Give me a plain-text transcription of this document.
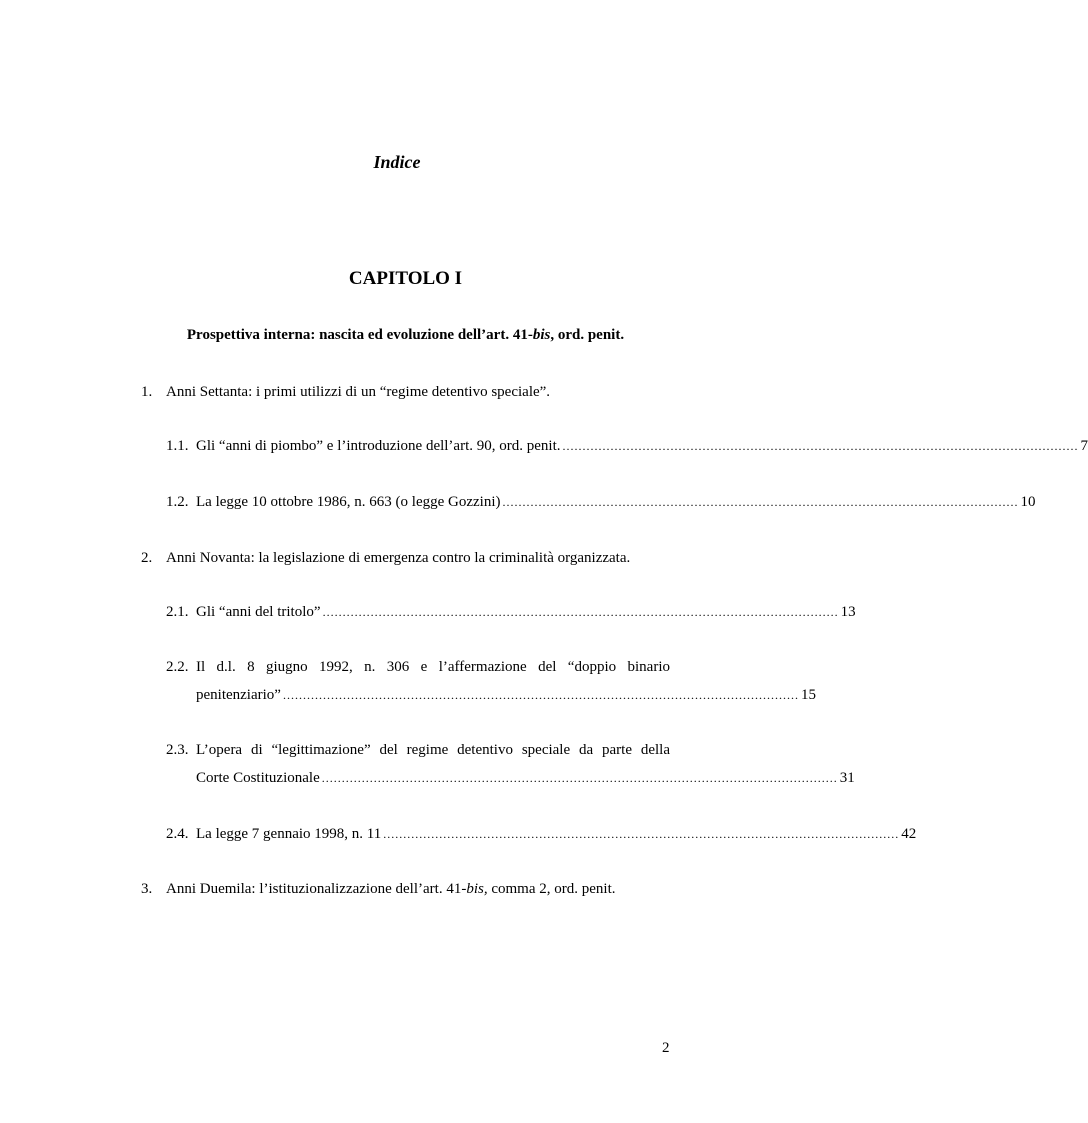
Indice
CAPITOLO I
Prospettiva interna: nascita ed evoluzione dell’art. 41-bis, ord. penit.
1. Anni Settanta: i primi utilizzi di un “regime detentivo speciale”.
1.1. Gli “anni di piombo” e l’introduzione dell’art. 90, ord. penit. ................................................................................................................................. 7
1.2. La legge 10 ottobre 1986, n. 663 (o legge Gozzini) ................................................................................................................................. 10
2. Anni Novanta: la legislazione di emergenza contro la criminalità organizzata.
2.1. Gli “anni del tritolo” ................................................................................................................................. 13
2.2. Il d.l. 8 giugno 1992, n. 306 e l’affermazione del “doppio binario
penitenziario” ................................................................................................................................. 15
2.3. L’opera di “legittimazione” del regime detentivo speciale da parte della
Corte Costituzionale ................................................................................................................................. 31
2.4. La legge 7 gennaio 1998, n. 11 ................................................................................................................................. 42
3. Anni Duemila: l’istituzionalizzazione dell’art. 41-bis, comma 2, ord. penit.
2
